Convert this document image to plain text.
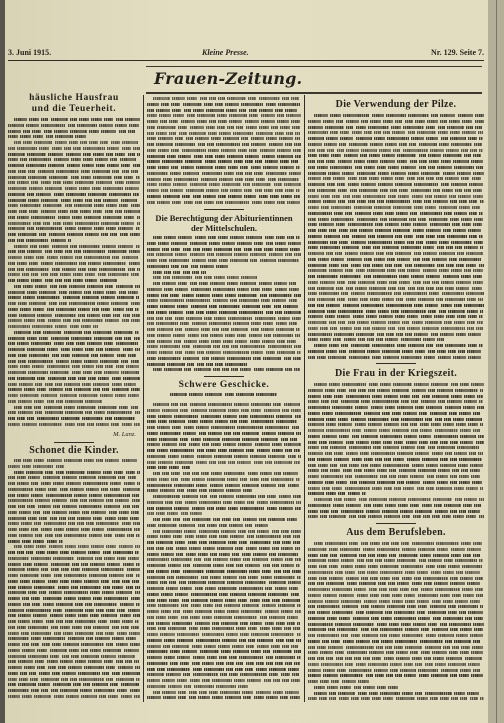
3. Juni 1915.	Kleine Presse.	Nr. 129. Seite 7.
Frauen-Zeitung.
häusliche Hausfrau
und die Teuerheit.
M. Lanz.
Schonet die Kinder.
Die Berechtigung der Abiturientinnen
der Mittelschulen.
Schwere Geschicke.
Die Verwendung der Pilze.
Die Frau in der Kriegszeit.
Aus dem Berufsleben.
